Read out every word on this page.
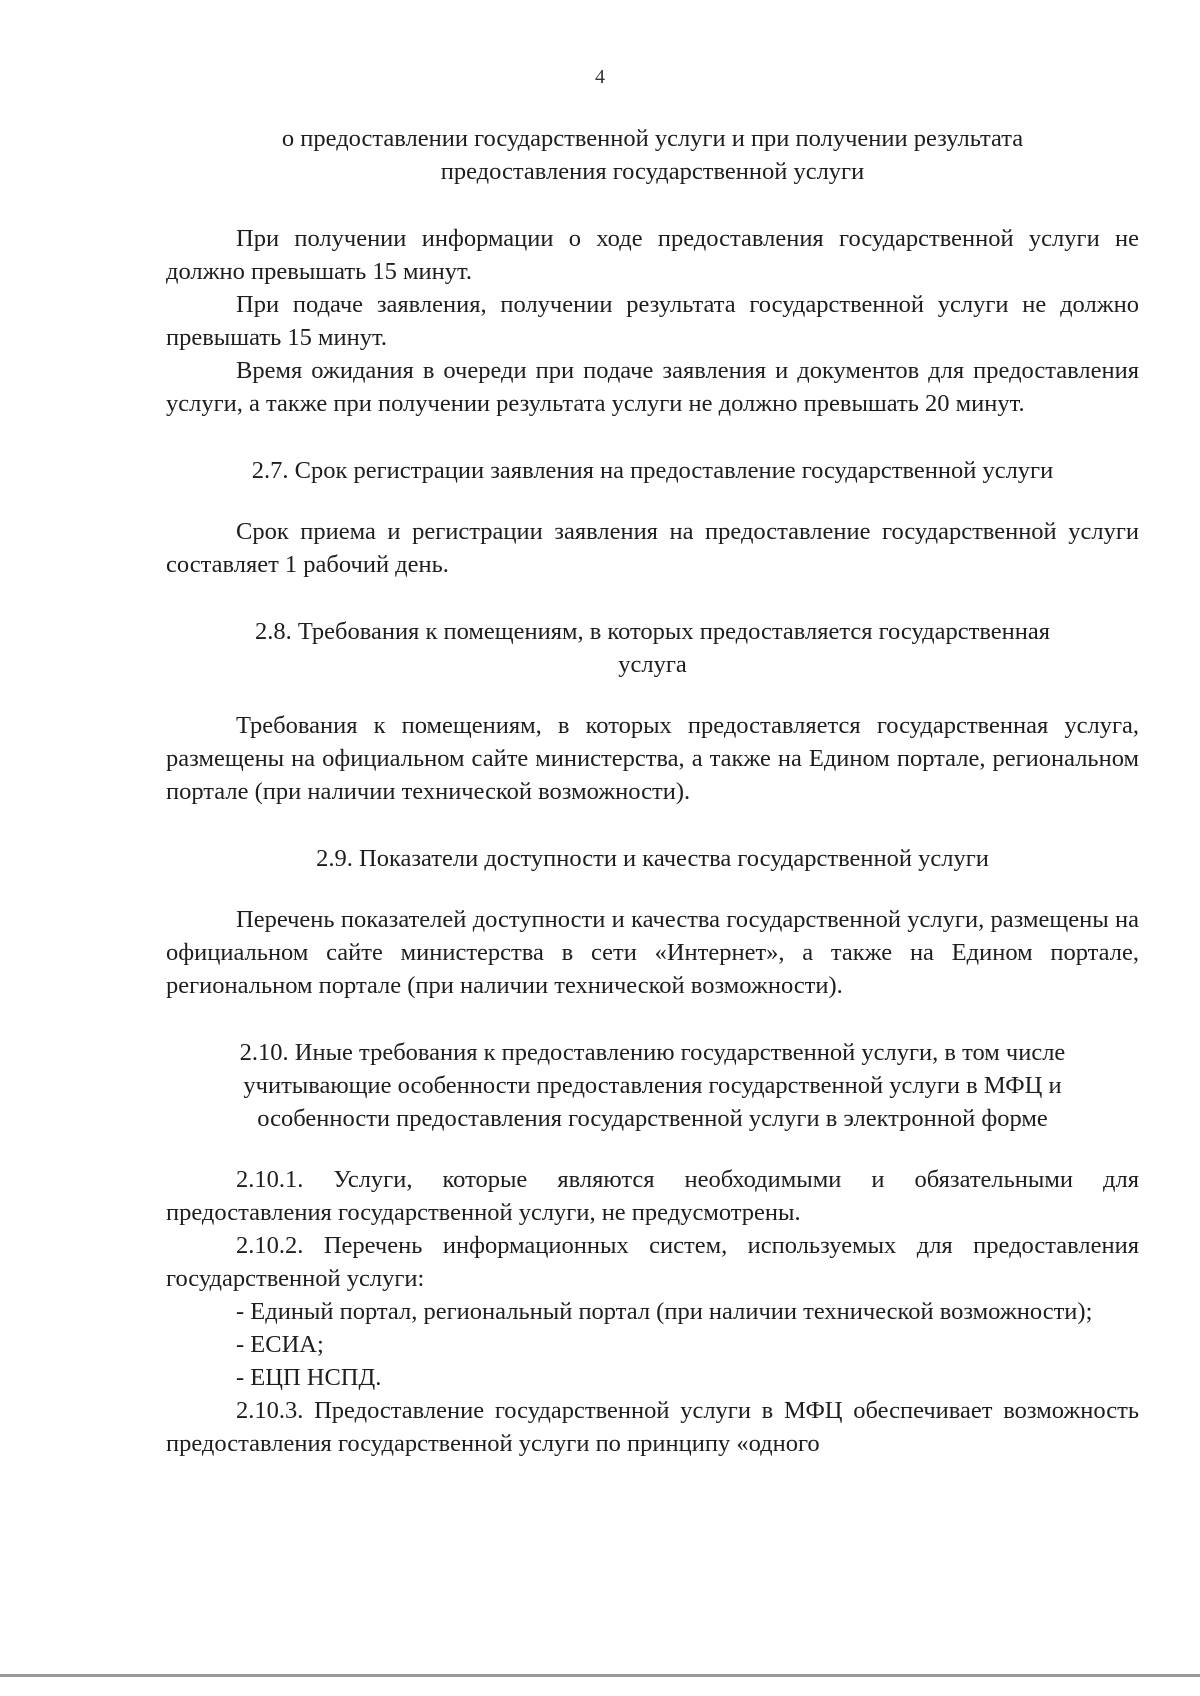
4

о предоставлении государственной услуги и при получении результата

предоставления государственной услуги

При получении информации о ходе предоставления государственной услуги не должно превышать 15 минут.

При подаче заявления, получении результата государственной услуги не должно превышать 15 минут.

Время ожидания в очереди при подаче заявления и документов для предоставления услуги, а также при получении результата услуги не должно превышать 20 минут.

2.7. Срок регистрации заявления на предоставление государственной услуги

Срок приема и регистрации заявления на предоставление государственной услуги составляет 1 рабочий день.

2.8. Требования к помещениям, в которых предоставляется государственная

услуга

Требования к помещениям, в которых предоставляется государственная услуга, размещены на официальном сайте министерства, а также на Едином портале, региональном портале (при наличии технической возможности).

2.9. Показатели доступности и качества государственной услуги

Перечень показателей доступности и качества государственной услуги, размещены на официальном сайте министерства в сети «Интернет», а также на Едином портале, региональном портале (при наличии технической возможности).

2.10. Иные требования к предоставлению государственной услуги, в том числе

учитывающие особенности предоставления государственной услуги в МФЦ и

особенности предоставления государственной услуги в электронной форме

2.10.1. Услуги, которые являются необходимыми и обязательными для предоставления государственной услуги, не предусмотрены.

2.10.2. Перечень информационных систем, используемых для предоставления государственной услуги:

- Единый портал, региональный портал (при наличии технической возможности);

- ЕСИА;

- ЕЦП НСПД.

2.10.3. Предоставление государственной услуги в МФЦ обеспечивает возможность предоставления государственной услуги по принципу «одного
